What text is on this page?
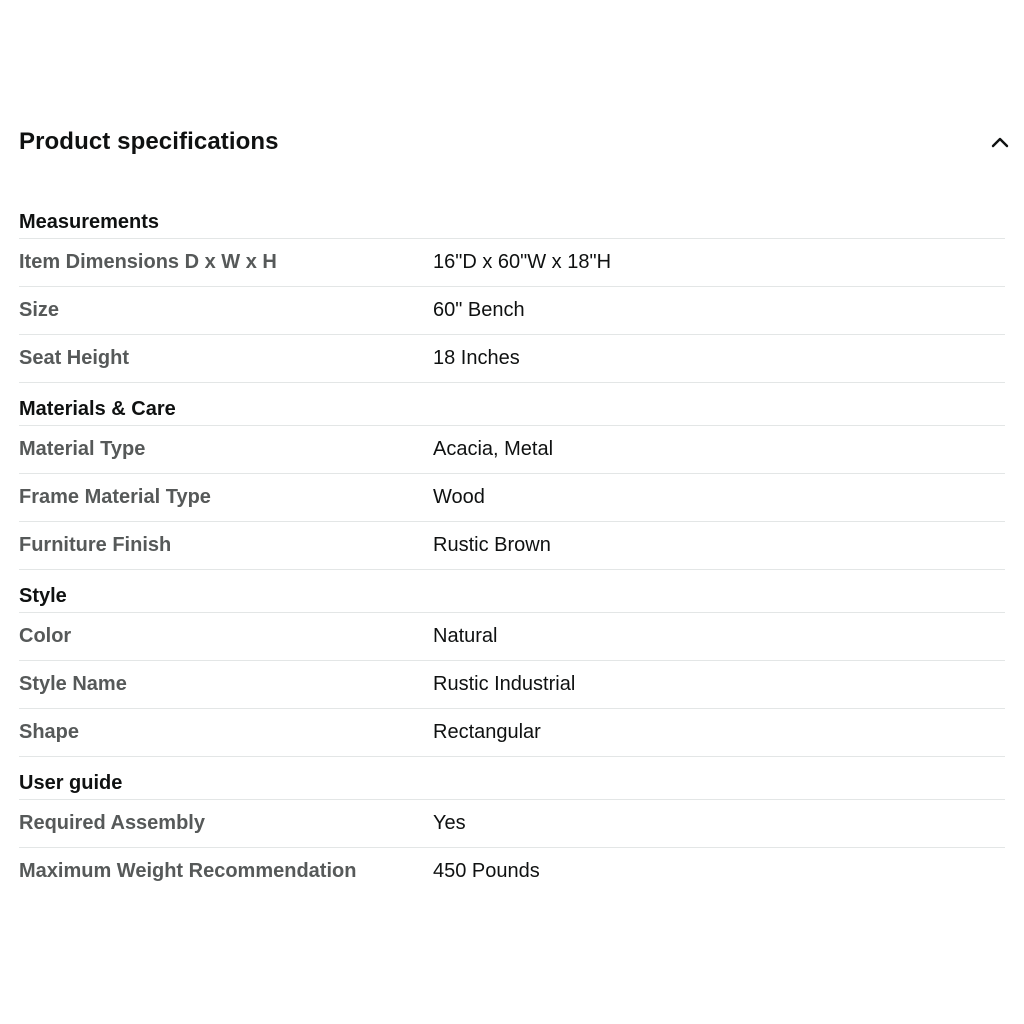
Product specifications
Measurements
Item Dimensions D x W x H	16"D x 60"W x 18"H
Size	60" Bench
Seat Height	18 Inches
Materials & Care
Material Type	Acacia, Metal
Frame Material Type	Wood
Furniture Finish	Rustic Brown
Style
Color	Natural
Style Name	Rustic Industrial
Shape	Rectangular
User guide
Required Assembly	Yes
Maximum Weight Recommendation	450 Pounds
